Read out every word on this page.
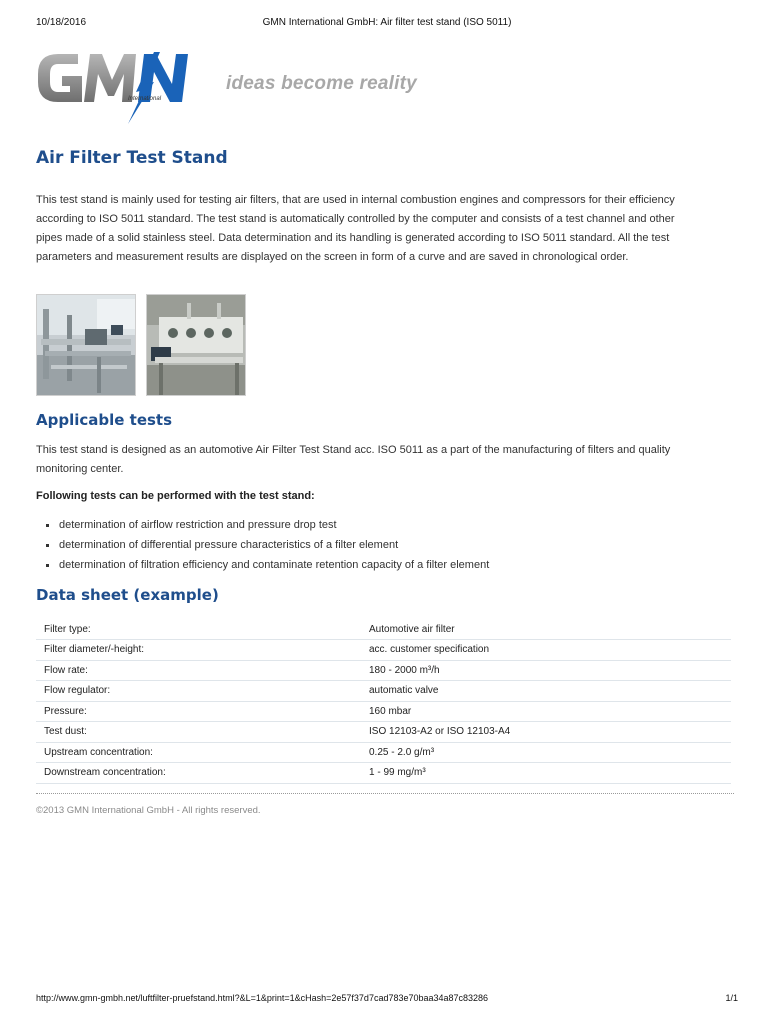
10/18/2016	GMN International GmbH: Air filter test stand (ISO 5011)
International
ideas become reality
Air Filter Test Stand

This test stand is mainly used for testing air filters, that are used in internal combustion engines and compressors for their efficiency according to ISO 5011 standard. The test stand is automatically controlled by the computer and consists of a test channel and other pipes made of a solid stainless steel. Data determination and its handling is generated according to ISO 5011 standard. All the test parameters and measurement results are displayed on the screen in form of a curve and are saved in chronological order.

Applicable tests

This test stand is designed as an automotive Air Filter Test Stand acc. ISO 5011 as a part of the manufacturing of filters and quality monitoring center.

Following tests can be performed with the test stand:
determination of airflow restriction and pressure drop test
determination of differential pressure characteristics of a filter element
determination of filtration efficiency and contaminate retention capacity of a filter element
Data sheet (example)
Filter type:	Automotive air filter
Filter diameter/-height:	acc. customer specification
Flow rate:	180 - 2000 m³/h
Flow regulator:	automatic valve
Pressure:	160 mbar
Test dust:	ISO 12103-A2 or ISO 12103-A4
Upstream concentration:	0.25 - 2.0 g/m³
Downstream concentration:	1 - 99 mg/m³
©2013 GMN International GmbH - All rights reserved.
http://www.gmn-gmbh.net/luftfilter-pruefstand.html?&L=1&print=1&cHash=2e57f37d7cad783e70baa34a87c83286	1/1
